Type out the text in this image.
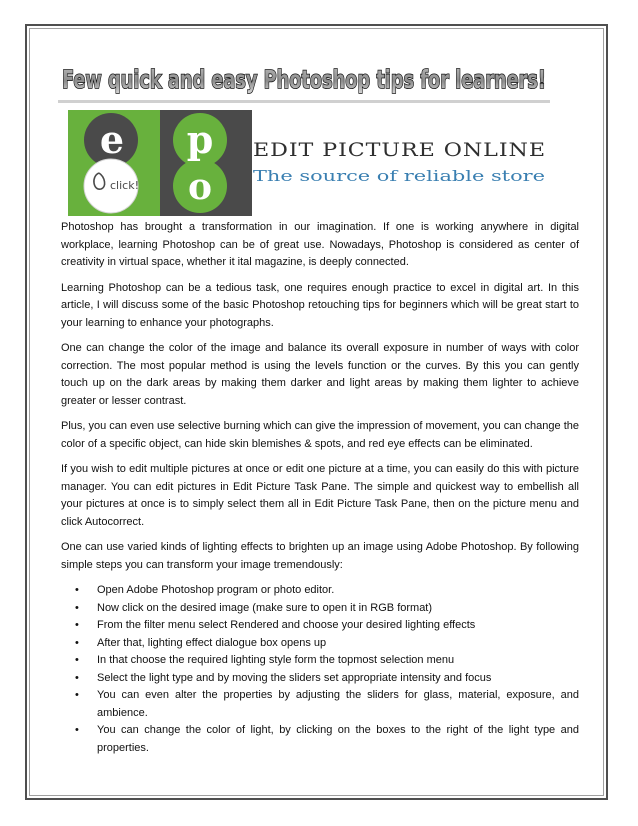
Few quick and easy Photoshop tips for learners!
e p
o
click!
EDIT PICTURE ONLINE
The source of reliable store

Photoshop has brought a transformation in our imagination. If one is working anywhere in digital workplace, learning Photoshop can be of great use. Nowadays, Photoshop is considered as center of creativity in virtual space, whether it ital magazine, is deeply connected.

Learning Photoshop can be a tedious task, one requires enough practice to excel in digital art. In this article, I will discuss some of the basic Photoshop retouching tips for beginners which will be great start to your learning to enhance your photographs.

One can change the color of the image and balance its overall exposure in number of ways with color correction. The most popular method is using the levels function or the curves. By this you can gently touch up on the dark areas by making them darker and light areas by making them lighter to achieve greater or lesser contrast.

Plus, you can even use selective burning which can give the impression of movement, you can change the color of a specific object, can hide skin blemishes & spots, and red eye effects can be eliminated.

If you wish to edit multiple pictures at once or edit one picture at a time, you can easily do this with picture manager. You can edit pictures in Edit Picture Task Pane. The simple and quickest way to embellish all your pictures at once is to simply select them all in Edit Picture Task Pane, then on the picture menu and click Autocorrect.

One can use varied kinds of lighting effects to brighten up an image using Adobe Photoshop. By following simple steps you can transform your image tremendously:

• Open Adobe Photoshop program or photo editor.
• Now click on the desired image (make sure to open it in RGB format)
• From the filter menu select Rendered and choose your desired lighting effects
• After that, lighting effect dialogue box opens up
• In that choose the required lighting style form the topmost selection menu
• Select the light type and by moving the sliders set appropriate intensity and focus
• You can even alter the properties by adjusting the sliders for glass, material, exposure, and ambience.
• You can change the color of light, by clicking on the boxes to the right of the light type and properties.
